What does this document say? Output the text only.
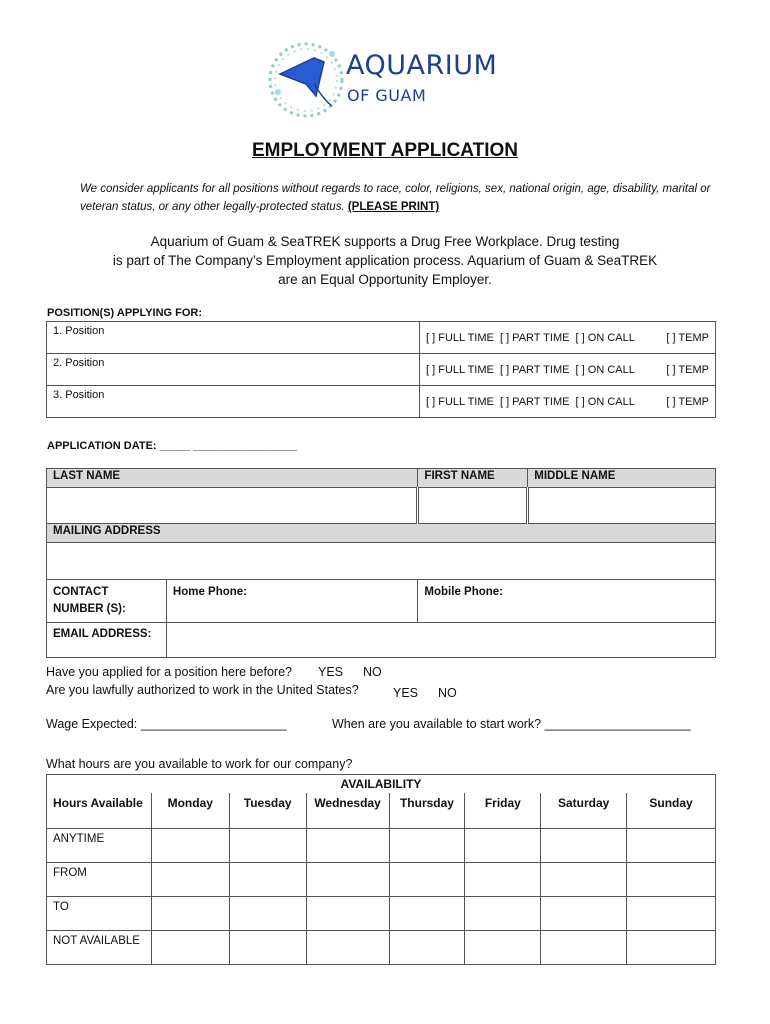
AQUARIUM
OF GUAM
EMPLOYMENT APPLICATION
We consider applicants for all positions without regards to race, color, religions, sex, national origin, age, disability, marital or veteran status, or any other legally-protected status. (PLEASE PRINT)
Aquarium of Guam & SeaTREK supports a Drug Free Workplace. Drug testing
is part of The Company’s Employment application process. Aquarium of Guam & SeaTREK
are an Equal Opportunity Employer.
POSITION(S) APPLYING FOR:
1. Position	[ ] FULL TIME  [ ] PART TIME  [ ] ON CALL [ ] TEMP

2. Position	[ ] FULL TIME  [ ] PART TIME  [ ] ON CALL [ ] TEMP

3. Position	[ ] FULL TIME  [ ] PART TIME  [ ] ON CALL [ ] TEMP
APPLICATION DATE: _____ _________________
LAST NAME		FIRST NAME	MIDDLE NAME

MAILING ADDRESS			

CONTACT NUMBER (S):	Home Phone:	Mobile Phone:	
EMAIL ADDRESS:			
Have you applied for a position here before? YES NO
Are you lawfully authorized to work in the United States?	YES NO
Wage Expected: _____________________	When are you available to start work? _____________________
What hours are you available to work for our company?
AVAILABILITY							
Hours Available	Monday	Tuesday	Wednesday	Thursday	Friday	Saturday	Sunday
ANYTIME							
FROM							
TO							
NOT AVAILABLE							
